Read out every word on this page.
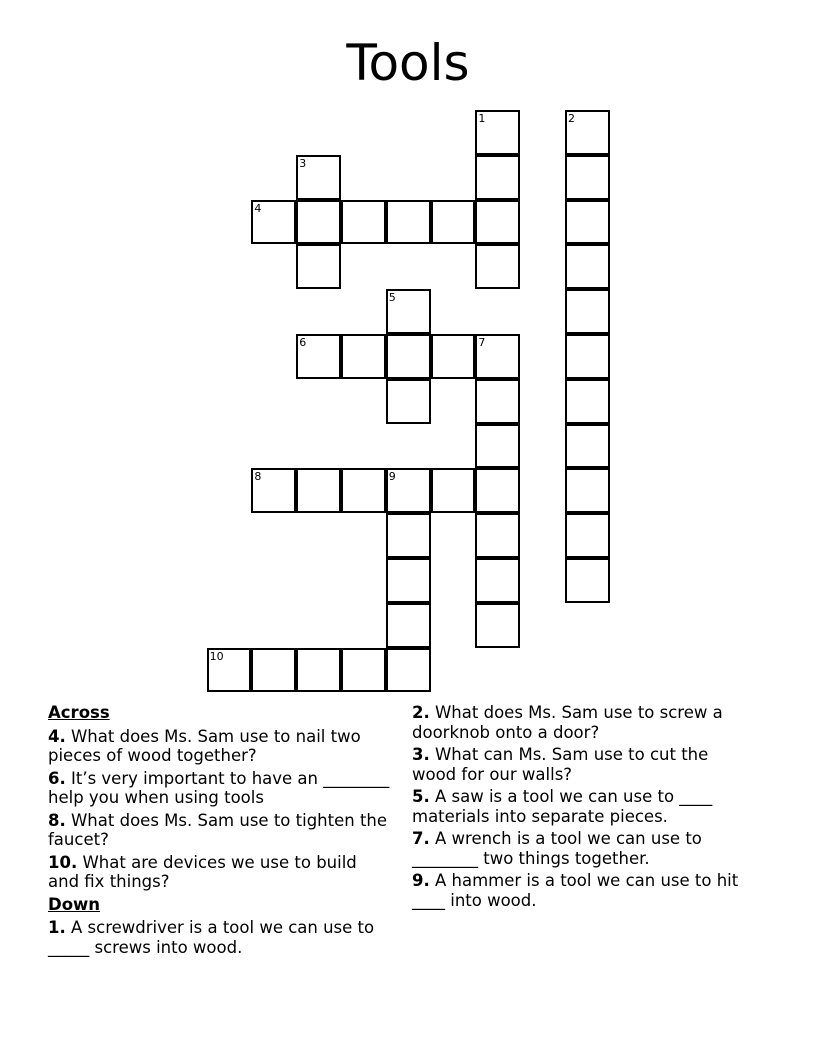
Tools
1	2
3
4
5
6	7
8	9
10
Across
4. What does Ms. Sam use to nail two pieces of wood together?
6. It’s very important to have an ________ help you when using tools
8. What does Ms. Sam use to tighten the faucet?
10. What are devices we use to build and fix things?
Down
1. A screwdriver is a tool we can use to _____ screws into wood.
2. What does Ms. Sam use to screw a doorknob onto a door?
3. What can Ms. Sam use to cut the wood for our walls?
5. A saw is a tool we can use to ____ materials into separate pieces.
7. A wrench is a tool we can use to ________ two things together.
9. A hammer is a tool we can use to hit ____ into wood.
